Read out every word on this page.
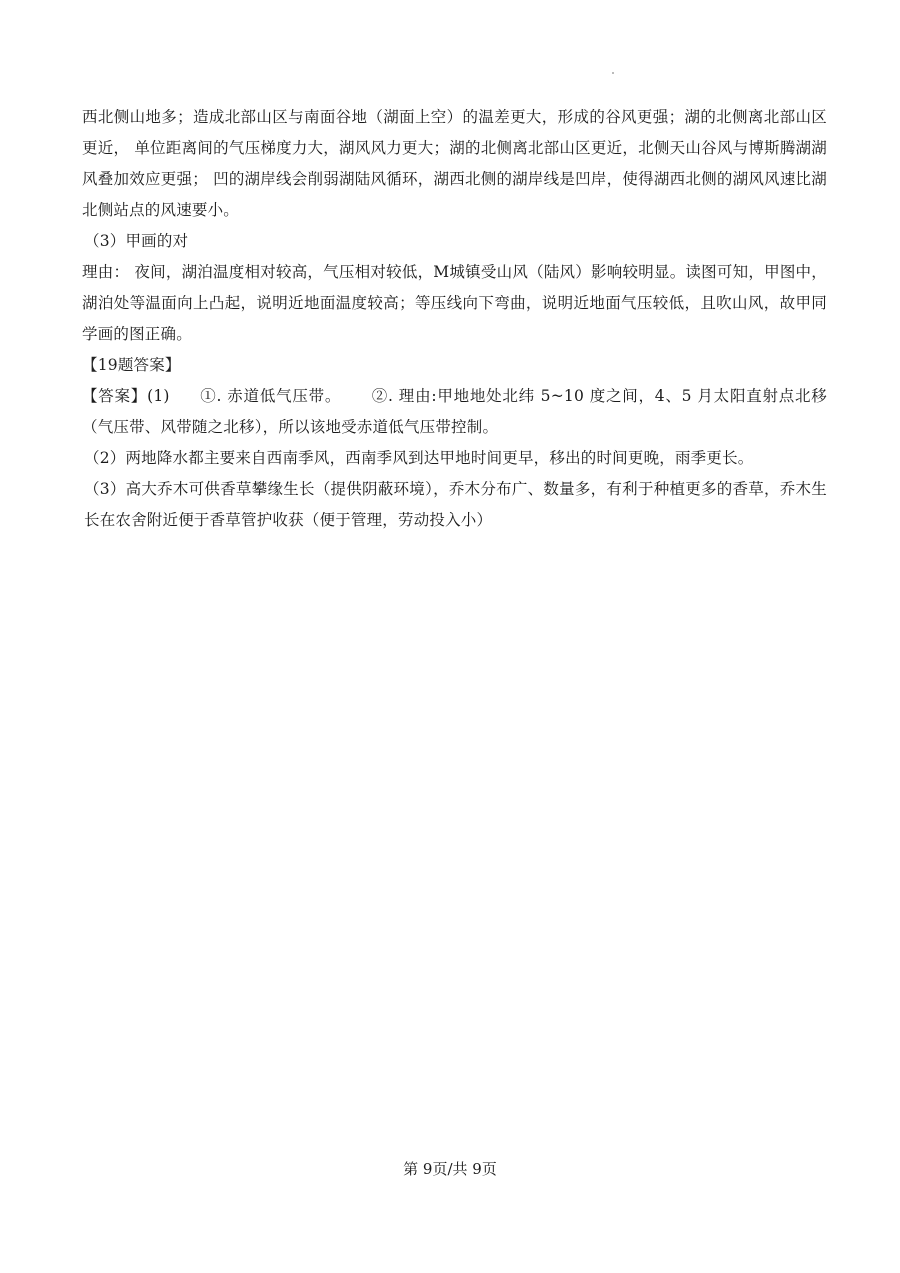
西北侧山地多；造成北部山区与南面谷地（湖面上空）的温差更大，形成的谷风更强；湖的北侧离北部山区更近， 单位距离间的气压梯度力大，湖风风力更大；湖的北侧离北部山区更近，北侧天山谷风与博斯腾湖湖风叠加效应更强； 凹的湖岸线会削弱湖陆风循环，湖西北侧的湖岸线是凹岸，使得湖西北侧的湖风风速比湖北侧站点的风速要小。

（3）甲画的对

理由： 夜间，湖泊温度相对较高，气压相对较低，M城镇受山风（陆风）影响较明显。读图可知，甲图中，湖泊处等温面向上凸起，说明近地面温度较高；等压线向下弯曲，说明近地面气压较低，且吹山风，故甲同学画的图正确。

【19题答案】

【答案】(1) ①. 赤道低气压带。 ②. 理由:甲地地处北纬 5~10 度之间，4、5 月太阳直射点北移（气压带、风带随之北移），所以该地受赤道低气压带控制。

（2）两地降水都主要来自西南季风，西南季风到达甲地时间更早，移出的时间更晚，雨季更长。

（3）高大乔木可供香草攀缘生长（提供阴蔽环境），乔木分布广、数量多，有利于种植更多的香草，乔木生长在农舍附近便于香草管护收获（便于管理，劳动投入小）

第 9页/共 9页
